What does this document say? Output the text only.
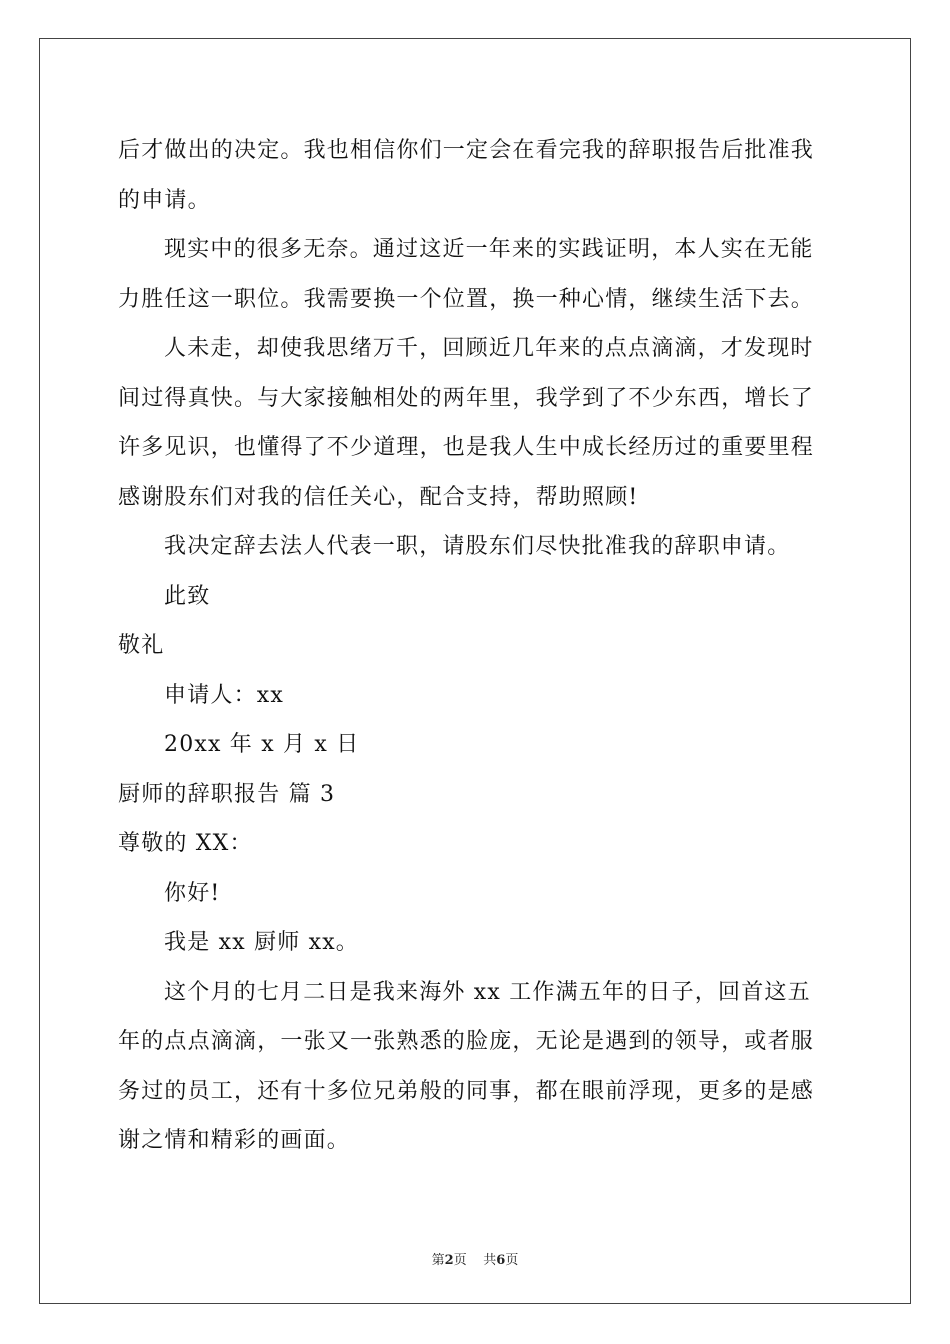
后才做出的决定。我也相信你们一定会在看完我的辞职报告后批准我
的申请。
现实中的很多无奈。通过这近一年来的实践证明，本人实在无能
力胜任这一职位。我需要换一个位置，换一种心情，继续生活下去。
人未走，却使我思绪万千，回顾近几年来的点点滴滴，才发现时
间过得真快。与大家接触相处的两年里，我学到了不少东西，增长了
许多见识，也懂得了不少道理，也是我人生中成长经历过的重要里程
感谢股东们对我的信任关心，配合支持，帮助照顾!
我决定辞去法人代表一职，请股东们尽快批准我的辞职申请。
此致
敬礼
申请人：xx
20xx 年 x 月 x 日
厨师的辞职报告 篇 3
尊敬的 XX：
你好!
我是 xx 厨师 xx。
这个月的七月二日是我来海外 xx 工作满五年的日子，回首这五
年的点点滴滴，一张又一张熟悉的脸庞，无论是遇到的领导，或者服
务过的员工，还有十多位兄弟般的同事，都在眼前浮现，更多的是感
谢之情和精彩的画面。
第2页 共6页
